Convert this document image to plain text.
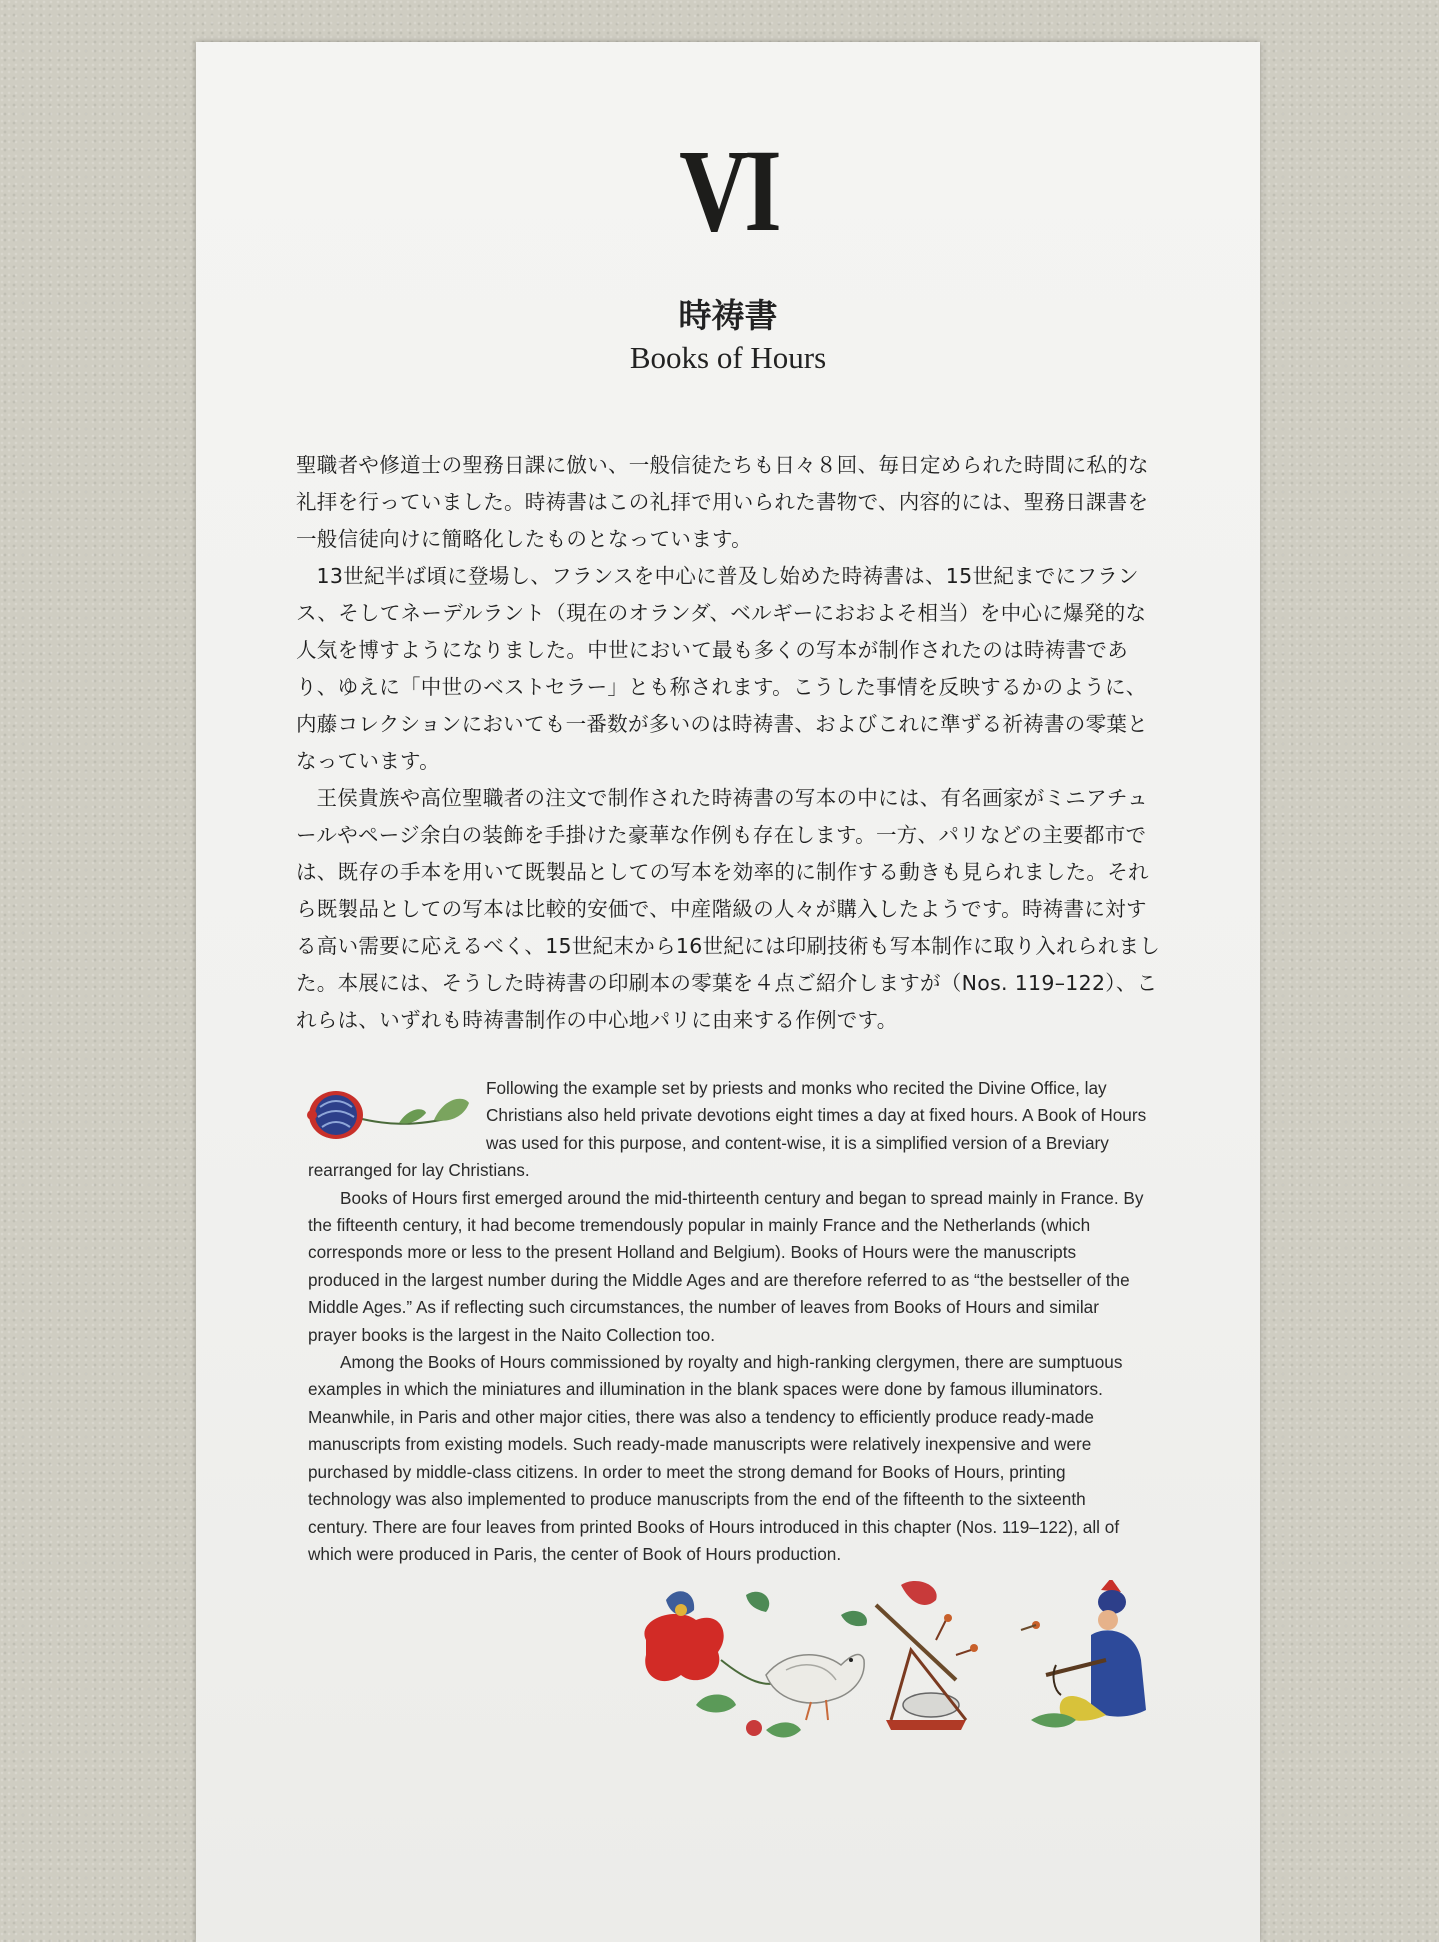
VI
時祷書
Books of Hours

聖職者や修道士の聖務日課に倣い、一般信徒たちも日々８回、毎日定められた時間に私的な礼拝を行っていました。時祷書はこの礼拝で用いられた書物で、内容的には、聖務日課書を一般信徒向けに簡略化したものとなっています。

13世紀半ば頃に登場し、フランスを中心に普及し始めた時祷書は、15世紀までにフランス、そしてネーデルラント（現在のオランダ、ベルギーにおおよそ相当）を中心に爆発的な人気を博すようになりました。中世において最も多くの写本が制作されたのは時祷書であり、ゆえに「中世のベストセラー」とも称されます。こうした事情を反映するかのように、内藤コレクションにおいても一番数が多いのは時祷書、およびこれに準ずる祈祷書の零葉となっています。

王侯貴族や高位聖職者の注文で制作された時祷書の写本の中には、有名画家がミニアチュールやページ余白の装飾を手掛けた豪華な作例も存在します。一方、パリなどの主要都市では、既存の手本を用いて既製品としての写本を効率的に制作する動きも見られました。それら既製品としての写本は比較的安価で、中産階級の人々が購入したようです。時祷書に対する高い需要に応えるべく、15世紀末から16世紀には印刷技術も写本制作に取り入れられました。本展には、そうした時祷書の印刷本の零葉を４点ご紹介しますが（Nos. 119–122）、これらは、いずれも時祷書制作の中心地パリに由来する作例です。

Following the example set by priests and monks who recited the Divine Office, lay Christians also held private devotions eight times a day at fixed hours. A Book of Hours was used for this purpose, and content-wise, it is a simplified version of a Breviary rearranged for lay Christians.

Books of Hours first emerged around the mid-thirteenth century and began to spread mainly in France. By the fifteenth century, it had become tremendously popular in mainly France and the Netherlands (which corresponds more or less to the present Holland and Belgium). Books of Hours were the manuscripts produced in the largest number during the Middle Ages and are therefore referred to as “the bestseller of the Middle Ages.” As if reflecting such circumstances, the number of leaves from Books of Hours and similar prayer books is the largest in the Naito Collection too.

Among the Books of Hours commissioned by royalty and high-ranking clergymen, there are sumptuous examples in which the miniatures and illumination in the blank spaces were done by famous illuminators. Meanwhile, in Paris and other major cities, there was also a tendency to efficiently produce ready-made manuscripts from existing models. Such ready-made manuscripts were relatively inexpensive and were purchased by middle-class citizens. In order to meet the strong demand for Books of Hours, printing technology was also implemented to produce manuscripts from the end of the fifteenth to the sixteenth century. There are four leaves from printed Books of Hours introduced in this chapter (Nos. 119–122), all of which were produced in Paris, the center of Book of Hours production.
